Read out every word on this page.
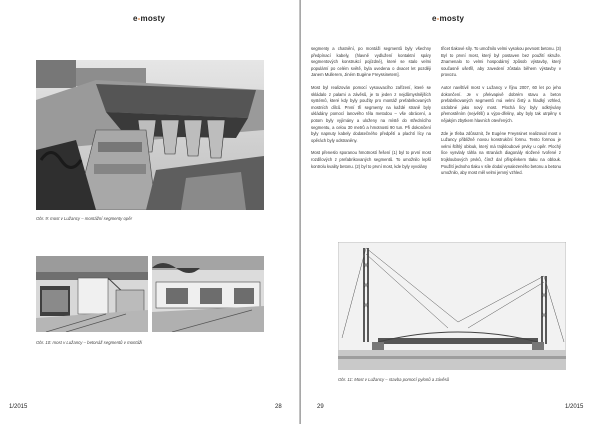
e-mosty
Obr. 9: most v Lužancy – montážní segmenty opěr
Obr. 10: most v Lužancy – betonáž segmentů v montáži
1/2015	28
e-mosty

segmenty a chatnění, po montáži segmentů byly všechny předpínací kabely, (hlavně vydlužení kontaktní spáry segmentových konstrukcí pojízdné), které se stalo velmi populární po celém světě, byla uvedena o dvacet let později Janem Mullerem, Jiném Eugène Freyssinetem].

Most byl realizován pomocí vysouvacího zařízení, které se skládalo z palami a závěsů, je to jeden z nejdůmyslnějších systémů, které kdy byly použity pro montáž prefabrikovaných mostních dílců. První tři segmenty na každé straně byly ukládány pomocí lanového těla metodou – vše obrácení, a potom byly vyjímány a uloženy na místě do střednícího segmentu, a celou 30 metrů a hmotnosti 90 tun. Při dokončení byly napnuty kabely dodatečného předpětí a plachtí lícy na opěrách byly odstraněny.

Most přeneslo sporanou hmotností řešení (1) byl to první most rozdílových z prefabrikovaných segmentů. To umožnilo lepší kontrolu kvality betonu. (2) byl to první most, kde byly vyvolány

třicet tlakové síly. To umožnilo velmi vysokou pevnost betonu. (3) Byl to první most, který byl postaven bez použití skruže. Znamenalo to velmi hospodárný způsob výstavby, který současně ušetřil, aby zavedení zůstala během výstavby v provozu.

Autor navštívil most v Lužancy v říjnu 2007, 60 let po jeho dokončení. Je v překvapivě dobrém stavu a beton prefabrikovaných segmentů má velmi čistý a hladký vzhled, ozdobné jako nový most. Plochá lícy byly odkrývány přemostěním (největší) a výpo-dřeliny, aby byly tak utrpěny s nějakým zbytkem hlavních otevřených.

Zde je třeba zdůraznit, že Eugène Freyssinet realizoval most v Lužancy přibližně novou konstrukční formu. Tento formou je velmi štíhlý oblouk, který má trojkloubové prvky u opěr. Plochý líce vysvlaly táhla na stranách diagonály složené tvořené z trojkloubových prvků, čímž dal příspěvkem tlaku na oblouk. Použití jednoho tlaku v síle dodal vynalezeného betonu a betonu umožnilo, aby most měl velmi jemný vzhled.

Obr. 11: Most v Lužancy – stavba pomocí pylonů a závěsů
29	1/2015
